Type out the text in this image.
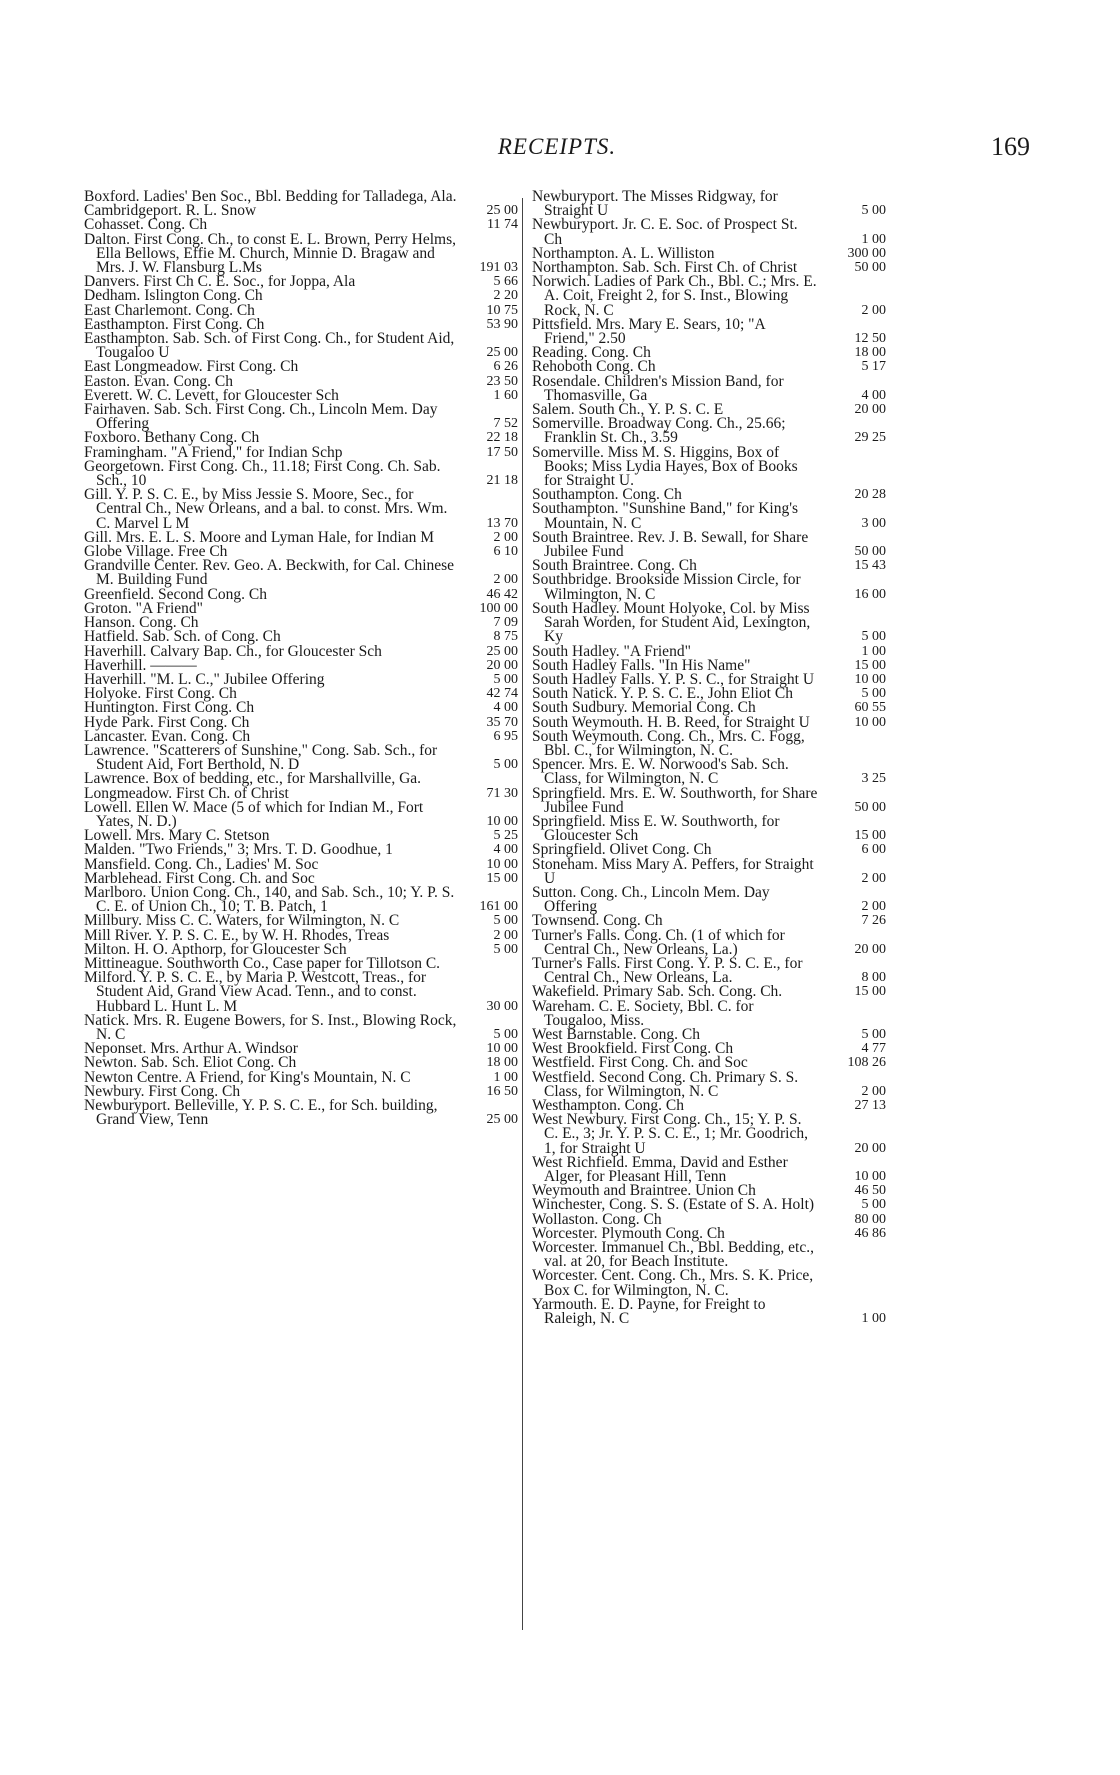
RECEIPTS.	169
Boxford. Ladies' Ben Soc., Bbl. Bedding for Talladega, Ala.
Cambridgeport. R. L. Snow	25 00
Cohasset. Cong. Ch	11 74
Dalton. First Cong. Ch., to const E. L. Brown, Perry Helms, Ella Bellows, Effie M. Church, Minnie D. Bragaw and Mrs. J. W. Flansburg L.Ms	191 03
Danvers. First Ch C. E. Soc., for Joppa, Ala	5 66
Dedham. Islington Cong. Ch	2 20
East Charlemont. Cong. Ch	10 75
Easthampton. First Cong. Ch	53 90
Easthampton. Sab. Sch. of First Cong. Ch., for Student Aid, Tougaloo U	25 00
East Longmeadow. First Cong. Ch	6 26
Easton. Evan. Cong. Ch	23 50
Everett. W. C. Levett, for Gloucester Sch	1 60
Fairhaven. Sab. Sch. First Cong. Ch., Lincoln Mem. Day Offering	7 52
Foxboro. Bethany Cong. Ch	22 18
Framingham. "A Friend," for Indian Schp	17 50
Georgetown. First Cong. Ch., 11.18; First Cong. Ch. Sab. Sch., 10	21 18
Gill. Y. P. S. C. E., by Miss Jessie S. Moore, Sec., for Central Ch., New Orleans, and a bal. to const. Mrs. Wm. C. Marvel L M	13 70
Gill. Mrs. E. L. S. Moore and Lyman Hale, for Indian M	2 00
Globe Village. Free Ch	6 10
Grandville Center. Rev. Geo. A. Beckwith, for Cal. Chinese M. Building Fund	2 00
Greenfield. Second Cong. Ch	46 42
Groton. "A Friend"	100 00
Hanson. Cong. Ch	7 09
Hatfield. Sab. Sch. of Cong. Ch	8 75
Haverhill. Calvary Bap. Ch., for Gloucester Sch	25 00
Haverhill. ———	20 00
Haverhill. "M. L. C.," Jubilee Offering	5 00
Holyoke. First Cong. Ch	42 74
Huntington. First Cong. Ch	4 00
Hyde Park. First Cong. Ch	35 70
Lancaster. Evan. Cong. Ch	6 95
Lawrence. "Scatterers of Sunshine," Cong. Sab. Sch., for Student Aid, Fort Berthold, N. D	5 00
Lawrence. Box of bedding, etc., for Marshallville, Ga.
Longmeadow. First Ch. of Christ	71 30
Lowell. Ellen W. Mace (5 of which for Indian M., Fort Yates, N. D.)	10 00
Lowell. Mrs. Mary C. Stetson	5 25
Malden. "Two Friends," 3; Mrs. T. D. Goodhue, 1	4 00
Mansfield. Cong. Ch., Ladies' M. Soc	10 00
Marblehead. First Cong. Ch. and Soc	15 00
Marlboro. Union Cong. Ch., 140, and Sab. Sch., 10; Y. P. S. C. E. of Union Ch., 10; T. B. Patch, 1	161 00
Millbury. Miss C. C. Waters, for Wilmington, N. C	5 00
Mill River. Y. P. S. C. E., by W. H. Rhodes, Treas	2 00
Milton. H. O. Apthorp, for Gloucester Sch	5 00
Mittineague. Southworth Co., Case paper for Tillotson C.
Milford. Y. P. S. C. E., by Maria P. Westcott, Treas., for Student Aid, Grand View Acad. Tenn., and to const. Hubbard L. Hunt L. M	30 00
Natick. Mrs. R. Eugene Bowers, for S. Inst., Blowing Rock, N. C	5 00
Neponset. Mrs. Arthur A. Windsor	10 00
Newton. Sab. Sch. Eliot Cong. Ch	18 00
Newton Centre. A Friend, for King's Mountain, N. C	1 00
Newbury. First Cong. Ch	16 50
Newburyport. Belleville, Y. P. S. C. E., for Sch. building, Grand View, Tenn	25 00
Newburyport. The Misses Ridgway, for Straight U	5 00
Newburyport. Jr. C. E. Soc. of Prospect St. Ch	1 00
Northampton. A. L. Williston	300 00
Northampton. Sab. Sch. First Ch. of Christ	50 00
Norwich. Ladies of Park Ch., Bbl. C.; Mrs. E. A. Coit, Freight 2, for S. Inst., Blowing Rock, N. C	2 00
Pittsfield. Mrs. Mary E. Sears, 10; "A Friend," 2.50	12 50
Reading. Cong. Ch	18 00
Rehoboth Cong. Ch	5 17
Rosendale. Children's Mission Band, for Thomasville, Ga	4 00
Salem. South Ch., Y. P. S. C. E	20 00
Somerville. Broadway Cong. Ch., 25.66; Franklin St. Ch., 3.59	29 25
Somerville. Miss M. S. Higgins, Box of Books; Miss Lydia Hayes, Box of Books for Straight U.
Southampton. Cong. Ch	20 28
Southampton. "Sunshine Band," for King's Mountain, N. C	3 00
South Braintree. Rev. J. B. Sewall, for Share Jubilee Fund	50 00
South Braintree. Cong. Ch	15 43
Southbridge. Brookside Mission Circle, for Wilmington, N. C	16 00
South Hadley. Mount Holyoke, Col. by Miss Sarah Worden, for Student Aid, Lexington, Ky	5 00
South Hadley. "A Friend"	1 00
South Hadley Falls. "In His Name"	15 00
South Hadley Falls. Y. P. S. C., for Straight U	10 00
South Natick. Y. P. S. C. E., John Eliot Ch	5 00
South Sudbury. Memorial Cong. Ch	60 55
South Weymouth. H. B. Reed, for Straight U	10 00
South Weymouth. Cong. Ch., Mrs. C. Fogg, Bbl. C., for Wilmington, N. C.
Spencer. Mrs. E. W. Norwood's Sab. Sch. Class, for Wilmington, N. C	3 25
Springfield. Mrs. E. W. Southworth, for Share Jubilee Fund	50 00
Springfield. Miss E. W. Southworth, for Gloucester Sch	15 00
Springfield. Olivet Cong. Ch	6 00
Stoneham. Miss Mary A. Peffers, for Straight U	2 00
Sutton. Cong. Ch., Lincoln Mem. Day Offering	2 00
Townsend. Cong. Ch	7 26
Turner's Falls. Cong. Ch. (1 of which for Central Ch., New Orleans, La.)	20 00
Turner's Falls. First Cong. Y. P. S. C. E., for Central Ch., New Orleans, La.	8 00
Wakefield. Primary Sab. Sch. Cong. Ch.	15 00
Wareham. C. E. Society, Bbl. C. for Tougaloo, Miss.
West Barnstable. Cong. Ch	5 00
West Brookfield. First Cong. Ch	4 77
Westfield. First Cong. Ch. and Soc	108 26
Westfield. Second Cong. Ch. Primary S. S. Class, for Wilmington, N. C	2 00
Westhampton. Cong. Ch	27 13
West Newbury. First Cong. Ch., 15; Y. P. S. C. E., 3; Jr. Y. P. S. C. E., 1; Mr. Goodrich, 1, for Straight U	20 00
West Richfield. Emma, David and Esther Alger, for Pleasant Hill, Tenn	10 00
Weymouth and Braintree. Union Ch	46 50
Winchester, Cong. S. S. (Estate of S. A. Holt)	5 00
Wollaston. Cong. Ch	80 00
Worcester. Plymouth Cong. Ch	46 86
Worcester. Immanuel Ch., Bbl. Bedding, etc., val. at 20, for Beach Institute.
Worcester. Cent. Cong. Ch., Mrs. S. K. Price, Box C. for Wilmington, N. C.
Yarmouth. E. D. Payne, for Freight to Raleigh, N. C	1 00
